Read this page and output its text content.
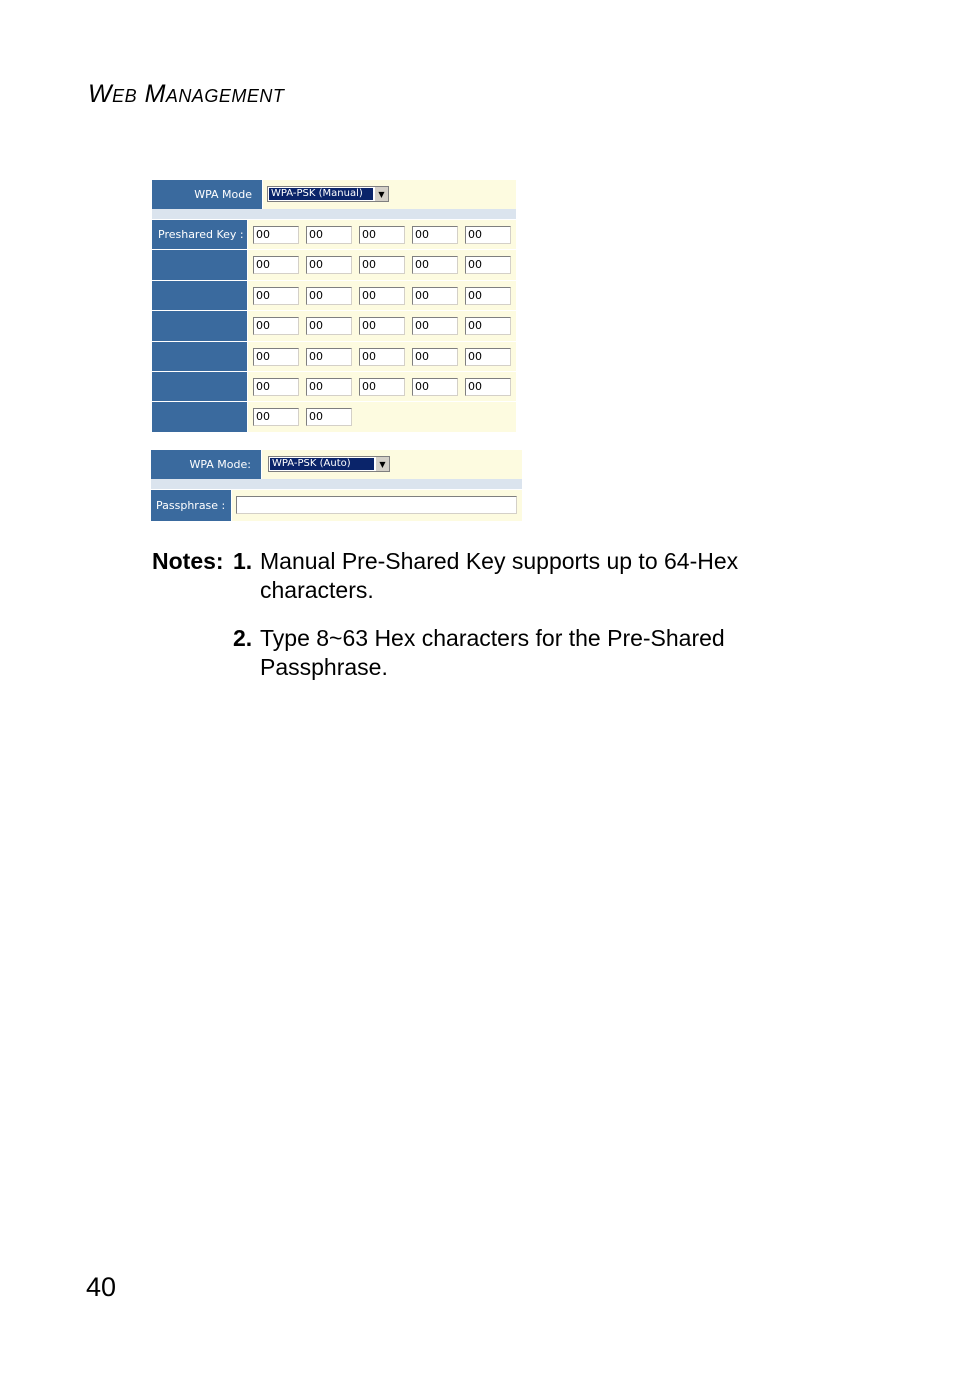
WEB MANAGEMENT
WPA Mode	WPA-PSK (Manual)	▼
Preshared Key :	00	00	00	00	00
00	00	00	00	00
00	00	00	00	00
00	00	00	00	00
00	00	00	00	00
00	00	00	00	00
00	00
WPA Mode:	WPA-PSK (Auto)	▼
Passphrase :
Notes: 1. Manual Pre-Shared Key supports up to 64-Hex
characters.
2. Type 8~63 Hex characters for the Pre-Shared
Passphrase.
40
